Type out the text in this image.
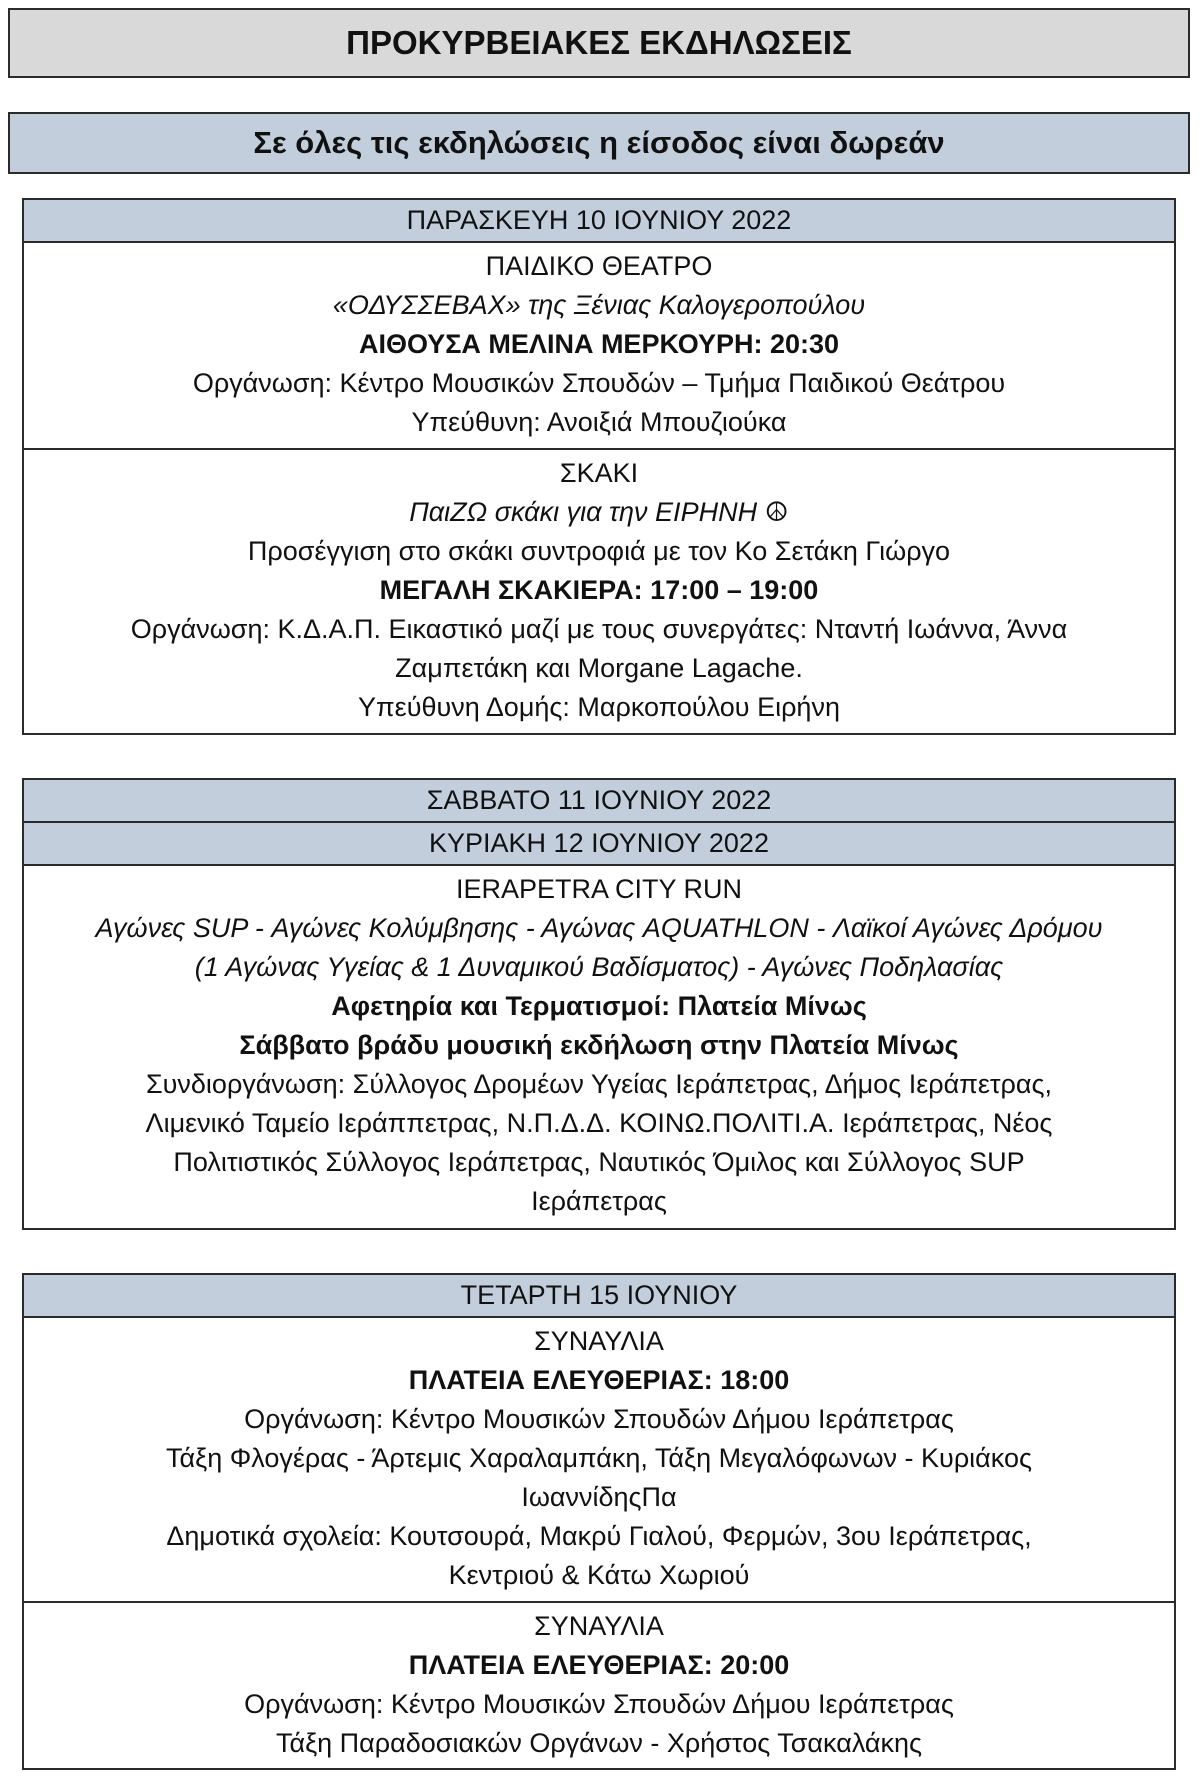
ΠΡΟΚΥΡΒΕΙΑΚΕΣ ΕΚΔΗΛΩΣΕΙΣ
Σε όλες τις εκδηλώσεις η είσοδος είναι δωρεάν
ΠΑΡΑΣΚΕΥΗ 10 ΙΟΥΝΙΟΥ 2022
ΠΑΙΔΙΚΟ ΘΕΑΤΡΟ
«ΟΔΥΣΣΕΒΑΧ» της Ξένιας Καλογεροπούλου
ΑΙΘΟΥΣΑ ΜΕΛΙΝΑ ΜΕΡΚΟΥΡΗ: 20:30
Οργάνωση: Κέντρο Μουσικών Σπουδών – Τμήμα Παιδικού Θεάτρου
Υπεύθυνη: Ανοιξιά Μπουζιούκα
ΣΚΑΚΙ
ΠαιΖΩ σκάκι για την ΕΙΡΗΝΗ ☮
Προσέγγιση στο σκάκι συντροφιά με τον Κο Σετάκη Γιώργο
ΜΕΓΑΛΗ ΣΚΑΚΙΕΡΑ: 17:00 – 19:00
Οργάνωση: Κ.Δ.Α.Π. Εικαστικό μαζί με τους συνεργάτες: Νταντή Ιωάννα, Άννα
Ζαμπετάκη και Morgane Lagache.
Υπεύθυνη Δομής: Μαρκοπούλου Ειρήνη
ΣΑΒΒΑΤΟ 11 ΙΟΥΝΙΟΥ 2022
ΚΥΡΙΑΚΗ 12 ΙΟΥΝΙΟΥ 2022
IERAPETRA CITY RUN
Αγώνες SUP - Αγώνες Κολύμβησης - Αγώνας AQUATHLON - Λαϊκοί Αγώνες Δρόμου
(1 Αγώνας Υγείας & 1 Δυναμικού Βαδίσματος) - Αγώνες Ποδηλασίας
Αφετηρία και Τερματισμοί: Πλατεία Μίνως
Σάββατο βράδυ μουσική εκδήλωση στην Πλατεία Μίνως
Συνδιοργάνωση: Σύλλογος Δρομέων Υγείας Ιεράπετρας, Δήμος Ιεράπετρας,
Λιμενικό Ταμείο Ιεράππετρας, Ν.Π.Δ.Δ. ΚΟΙΝΩ.ΠΟΛΙΤΙ.Α. Ιεράπετρας, Νέος
Πολιτιστικός Σύλλογος Ιεράπετρας, Ναυτικός Όμιλος και Σύλλογος SUP
Ιεράπετρας
ΤΕΤΑΡΤΗ 15 ΙΟΥΝΙΟΥ
ΣΥΝΑΥΛΙΑ
ΠΛΑΤΕΙΑ ΕΛΕΥΘΕΡΙΑΣ: 18:00
Οργάνωση: Κέντρο Μουσικών Σπουδών Δήμου Ιεράπετρας
Τάξη Φλογέρας - Άρτεμις Χαραλαμπάκη, Τάξη Μεγαλόφωνων - Κυριάκος
ΙωαννίδηςΠα
Δημοτικά σχολεία: Κουτσουρά, Μακρύ Γιαλού, Φερμών, 3ου Ιεράπετρας,
Κεντριού & Κάτω Χωριού
ΣΥΝΑΥΛΙΑ
ΠΛΑΤΕΙΑ ΕΛΕΥΘΕΡΙΑΣ: 20:00
Οργάνωση: Κέντρο Μουσικών Σπουδών Δήμου Ιεράπετρας
Τάξη Παραδοσιακών Οργάνων - Χρήστος Τσακαλάκης
